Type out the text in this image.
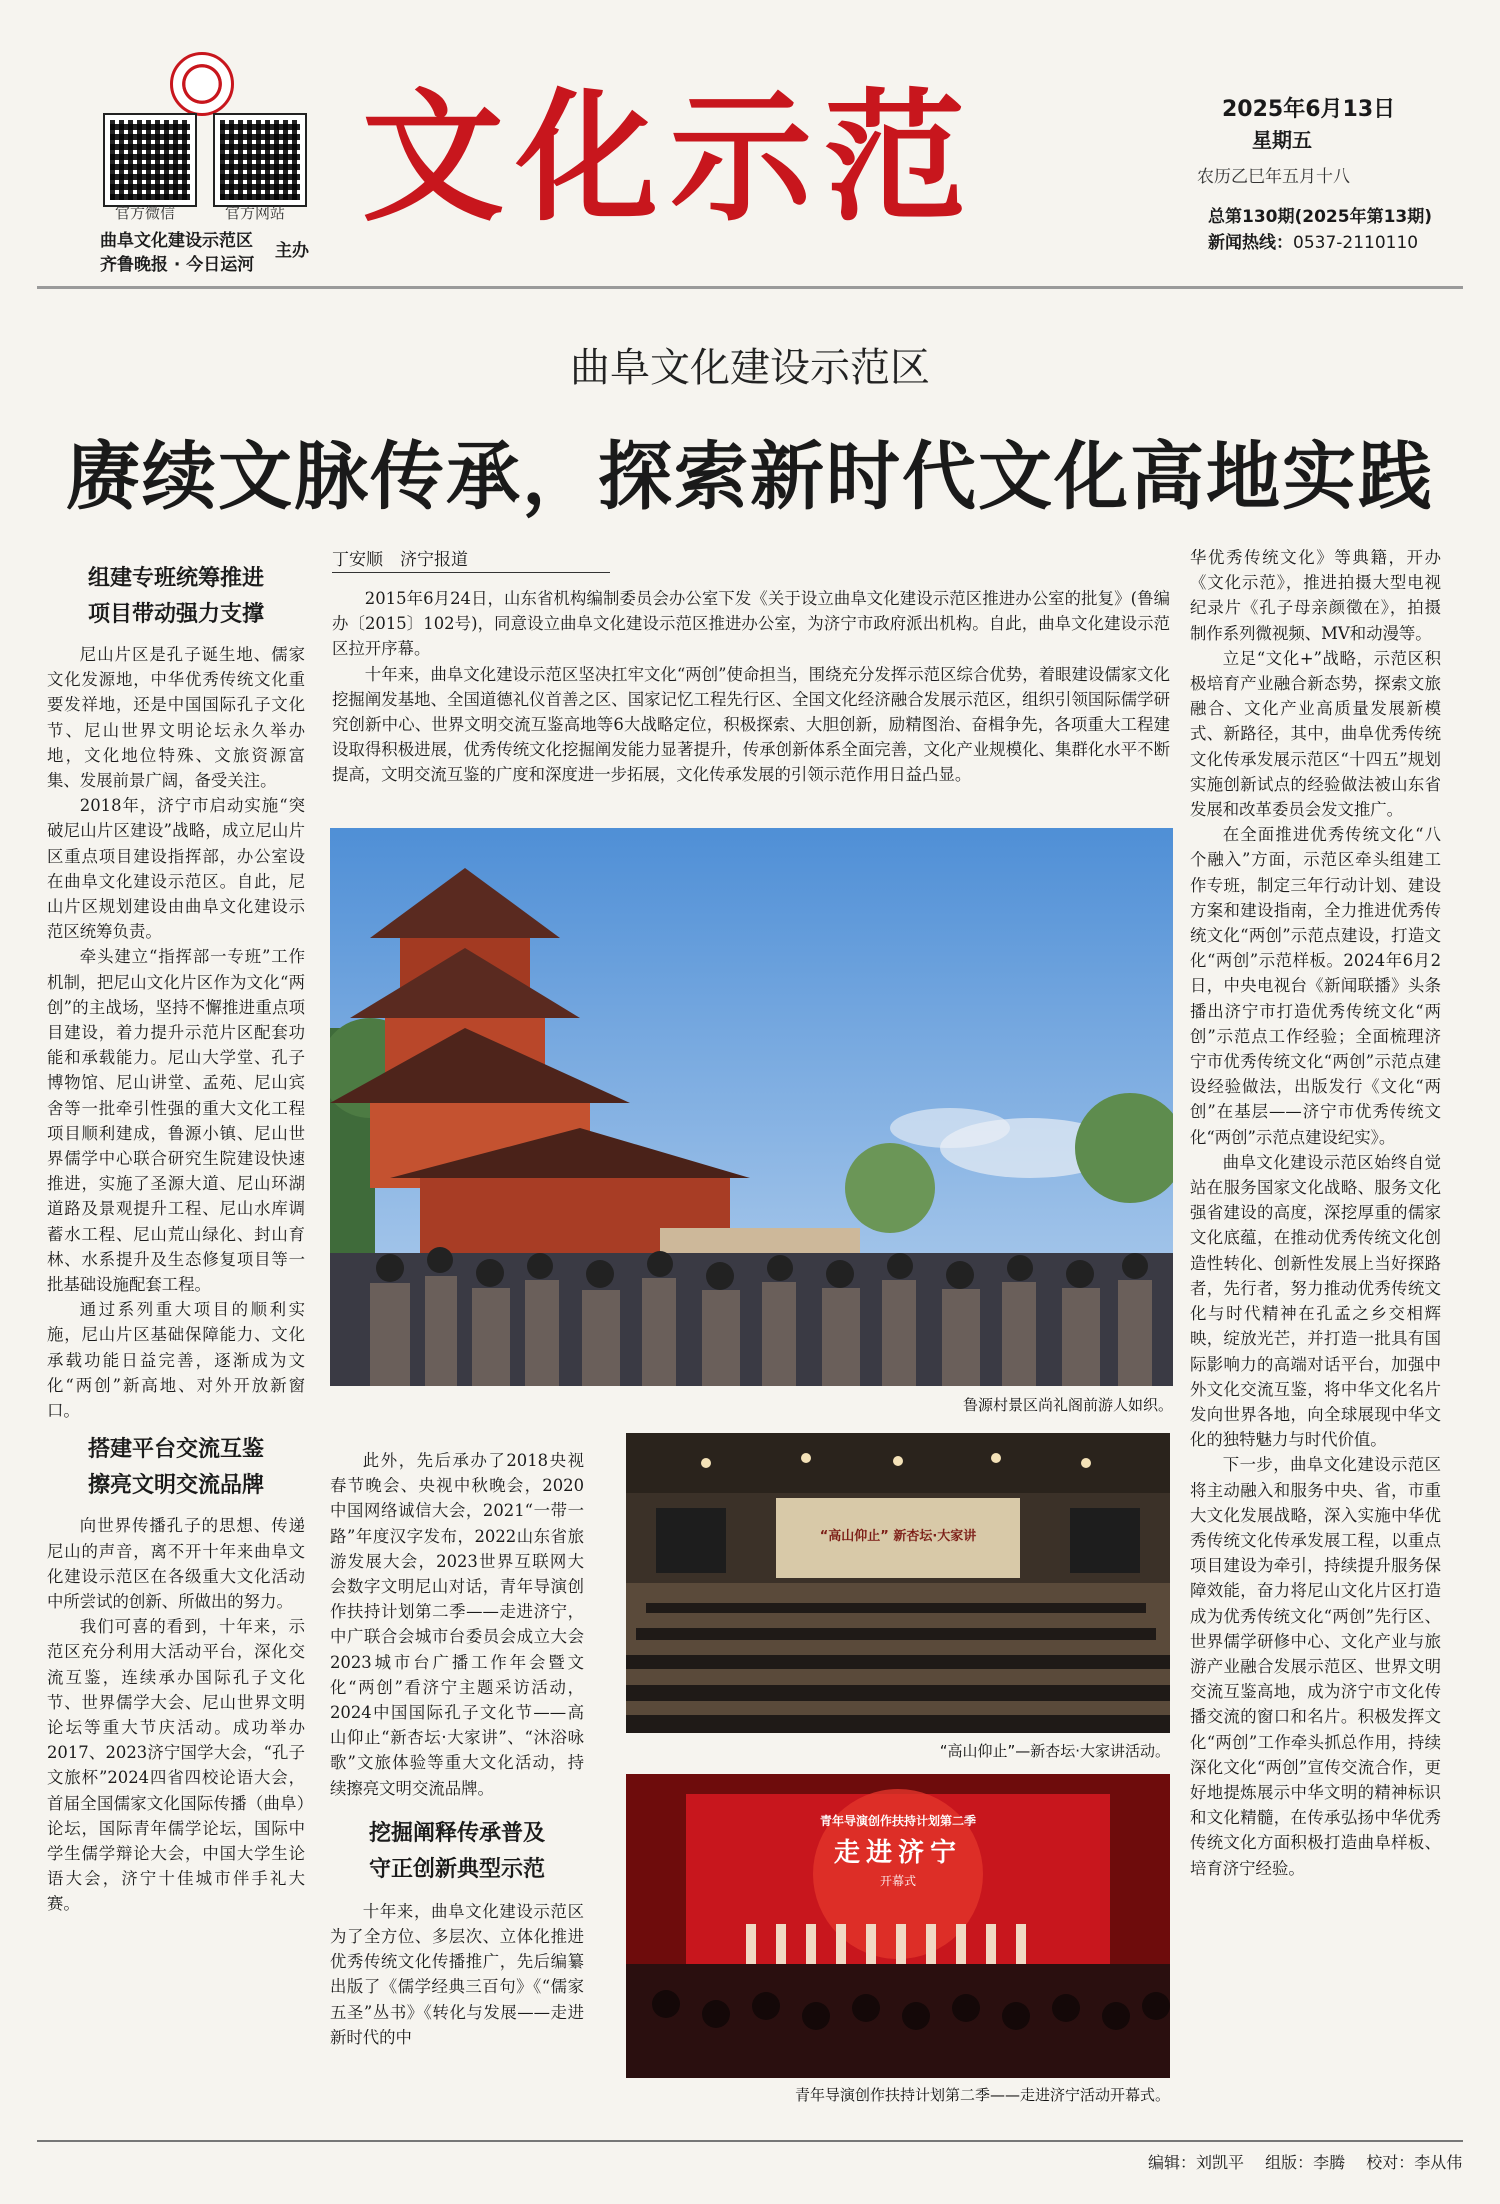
官方微信	官方网站
曲阜文化建设示范区
齐鲁晚报 · 今日运河
主办
文化示范	2025年6月13日
星期五
农历乙巳年五月十八
总第130期(2025年第13期)
新闻热线：0537-2110110
曲阜文化建设示范区
赓续文脉传承，探索新时代文化高地实践
丁安顺　济宁报道

2015年6月24日，山东省机构编制委员会办公室下发《关于设立曲阜文化建设示范区推进办公室的批复》(鲁编办〔2015〕102号)，同意设立曲阜文化建设示范区推进办公室，为济宁市政府派出机构。自此，曲阜文化建设示范区拉开序幕。

十年来，曲阜文化建设示范区坚决扛牢文化“两创”使命担当，围绕充分发挥示范区综合优势，着眼建设儒家文化挖掘阐发基地、全国道德礼仪首善之区、国家记忆工程先行区、全国文化经济融合发展示范区，组织引领国际儒学研究创新中心、世界文明交流互鉴高地等6大战略定位，积极探索、大胆创新，励精图治、奋楫争先，各项重大工程建设取得积极进展，优秀传统文化挖掘阐发能力显著提升，传承创新体系全面完善，文化产业规模化、集群化水平不断提高，文明交流互鉴的广度和深度进一步拓展，文化传承发展的引领示范作用日益凸显。

组建专班统筹推进
项目带动强力支撑

尼山片区是孔子诞生地、儒家文化发源地，中华优秀传统文化重要发祥地，还是中国国际孔子文化节、尼山世界文明论坛永久举办地，文化地位特殊、文旅资源富集、发展前景广阔，备受关注。

2018年，济宁市启动实施“突破尼山片区建设”战略，成立尼山片区重点项目建设指挥部，办公室设在曲阜文化建设示范区。自此，尼山片区规划建设由曲阜文化建设示范区统筹负责。

牵头建立“指挥部一专班”工作机制，把尼山文化片区作为文化“两创”的主战场，坚持不懈推进重点项目建设，着力提升示范片区配套功能和承载能力。尼山大学堂、孔子博物馆、尼山讲堂、孟苑、尼山宾舍等一批牵引性强的重大文化工程项目顺利建成，鲁源小镇、尼山世界儒学中心联合研究生院建设快速推进，实施了圣源大道、尼山环湖道路及景观提升工程、尼山水库调蓄水工程、尼山荒山绿化、封山育林、水系提升及生态修复项目等一批基础设施配套工程。

通过系列重大项目的顺利实施，尼山片区基础保障能力、文化承载功能日益完善，逐渐成为文化“两创”新高地、对外开放新窗口。

搭建平台交流互鉴
擦亮文明交流品牌

向世界传播孔子的思想、传递尼山的声音，离不开十年来曲阜文化建设示范区在各级重大文化活动中所尝试的创新、所做出的努力。

我们可喜的看到，十年来，示范区充分利用大活动平台，深化交流互鉴，连续承办国际孔子文化节、世界儒学大会、尼山世界文明论坛等重大节庆活动。成功举办2017、2023济宁国学大会，“孔子文旅杯”2024四省四校论语大会，首届全国儒家文化国际传播（曲阜）论坛，国际青年儒学论坛，国际中学生儒学辩论大会，中国大学生论语大会，济宁十佳城市伴手礼大赛。

鲁源村景区尚礼阁前游人如织。

此外，先后承办了2018央视春节晚会、央视中秋晚会，2020中国网络诚信大会，2021“一带一路”年度汉字发布，2022山东省旅游发展大会，2023世界互联网大会数字文明尼山对话，青年导演创作扶持计划第二季——走进济宁，中广联合会城市台委员会成立大会　2023城市台广播工作年会暨文化“两创”看济宁主题采访活动，2024中国国际孔子文化节——高山仰止“新杏坛·大家讲”、“沐浴咏歌”文旅体验等重大文化活动，持续擦亮文明交流品牌。

挖掘阐释传承普及
守正创新典型示范

十年来，曲阜文化建设示范区为了全方位、多层次、立体化推进优秀传统文化传播推广，先后编纂出版了《儒学经典三百句》《“儒家五圣”丛书》《转化与发展——走进新时代的中

“高山仰止” 新杏坛·大家讲
“高山仰止”—新杏坛·大家讲活动。
青年导演创作扶持计划第二季
走进济宁
开幕式
青年导演创作扶持计划第二季——走进济宁活动开幕式。

华优秀传统文化》等典籍，开办《文化示范》，推进拍摄大型电视纪录片《孔子母亲颜徵在》，拍摄制作系列微视频、MV和动漫等。

立足“文化+”战略，示范区积极培育产业融合新态势，探索文旅融合、文化产业高质量发展新模式、新路径，其中，曲阜优秀传统文化传承发展示范区“十四五”规划实施创新试点的经验做法被山东省发展和改革委员会发文推广。

在全面推进优秀传统文化“八个融入”方面，示范区牵头组建工作专班，制定三年行动计划、建设方案和建设指南，全力推进优秀传统文化“两创”示范点建设，打造文化“两创”示范样板。2024年6月2日，中央电视台《新闻联播》头条播出济宁市打造优秀传统文化“两创”示范点工作经验；全面梳理济宁市优秀传统文化“两创”示范点建设经验做法，出版发行《文化“两创”在基层——济宁市优秀传统文化“两创”示范点建设纪实》。

曲阜文化建设示范区始终自觉站在服务国家文化战略、服务文化强省建设的高度，深挖厚重的儒家文化底蕴，在推动优秀传统文化创造性转化、创新性发展上当好探路者，先行者，努力推动优秀传统文化与时代精神在孔孟之乡交相辉映，绽放光芒，并打造一批具有国际影响力的高端对话平台，加强中外文化交流互鉴，将中华文化名片发向世界各地，向全球展现中华文化的独特魅力与时代价值。

下一步，曲阜文化建设示范区将主动融入和服务中央、省，市重大文化发展战略，深入实施中华优秀传统文化传承发展工程，以重点项目建设为牵引，持续提升服务保障效能，奋力将尼山文化片区打造成为优秀传统文化“两创”先行区、世界儒学研修中心、文化产业与旅游产业融合发展示范区、世界文明交流互鉴高地，成为济宁市文化传播交流的窗口和名片。积极发挥文化“两创”工作牵头抓总作用，持续深化文化“两创”宣传交流合作，更好地提炼展示中华文明的精神标识和文化精髓，在传承弘扬中华优秀传统文化方面积极打造曲阜样板、培育济宁经验。

编辑：刘凯平　 组版：李腾　 校对：李从伟
